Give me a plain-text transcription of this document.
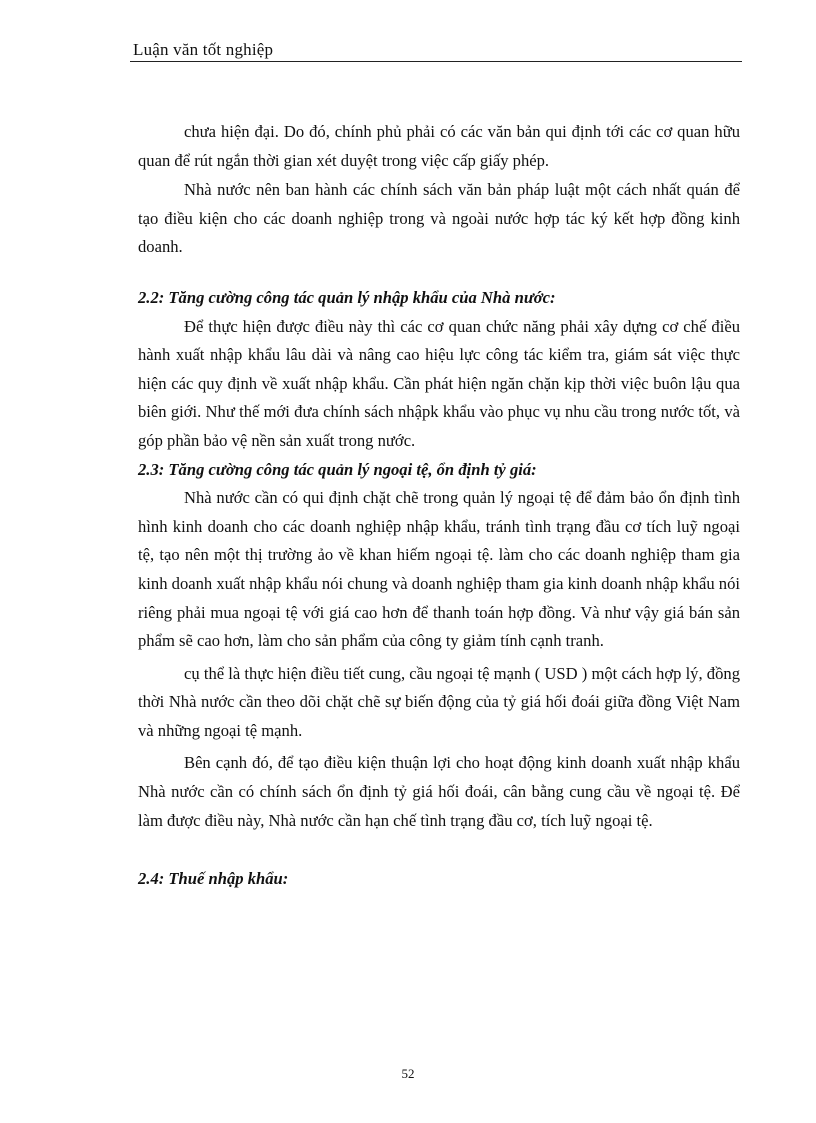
Luận văn tốt nghiệp

chưa hiện đại. Do đó, chính phủ phải có các văn bản qui định tới các cơ quan hữu quan để rút ngắn thời gian xét duyệt trong việc cấp giấy phép.

Nhà nước nên ban hành các chính sách văn bản pháp luật một cách nhất quán để tạo điều kiện cho các doanh nghiệp trong và ngoài nước hợp tác ký kết hợp đồng kinh doanh.

2.2: Tăng cường công tác quản lý nhập khẩu của Nhà nước:

Để thực hiện được điều này thì các cơ quan chức năng phải xây dựng cơ chế điều hành xuất nhập khẩu lâu dài và nâng cao hiệu lực công tác kiểm tra, giám sát việc thực hiện các quy định về xuất nhập khẩu. Cần phát hiện ngăn chặn kịp thời việc buôn lậu qua biên giới. Như thế mới đưa chính sách nhậpk khẩu vào phục vụ nhu cầu trong nước tốt, và góp phần bảo vệ nền sản xuất trong nước.

2.3: Tăng cường công tác quản lý ngoại tệ, ổn định tỷ giá:

Nhà nước cần có qui định chặt chẽ trong quản lý ngoại tệ để đảm bảo ổn định tình hình kinh doanh cho các doanh nghiệp nhập khẩu, tránh tình trạng đầu cơ tích luỹ ngoại tệ, tạo nên một thị trường ảo về khan hiếm ngoại tệ. làm cho các doanh nghiệp tham gia kinh doanh xuất nhập khẩu nói chung và doanh nghiệp tham gia kinh doanh nhập khẩu nói riêng phải mua ngoại tệ với giá cao hơn để thanh toán hợp đồng. Và như vậy giá bán sản phẩm sẽ cao hơn, làm cho sản phẩm của công ty giảm tính cạnh tranh.

cụ thể là thực hiện điều tiết cung, cầu ngoại tệ mạnh ( USD ) một cách hợp lý, đồng thời Nhà nước cần theo dõi chặt chẽ sự biến động của tỷ giá hối đoái giữa đồng Việt Nam và những ngoại tệ mạnh.

Bên cạnh đó, để tạo điều kiện thuận lợi cho hoạt động kinh doanh xuất nhập khẩu Nhà nước cần có chính sách ổn định tỷ giá hối đoái, cân bằng cung cầu về ngoại tệ. Để làm được điều này, Nhà nước cần hạn chế tình trạng đầu cơ, tích luỹ ngoại tệ.

2.4: Thuế nhập khẩu:

52
